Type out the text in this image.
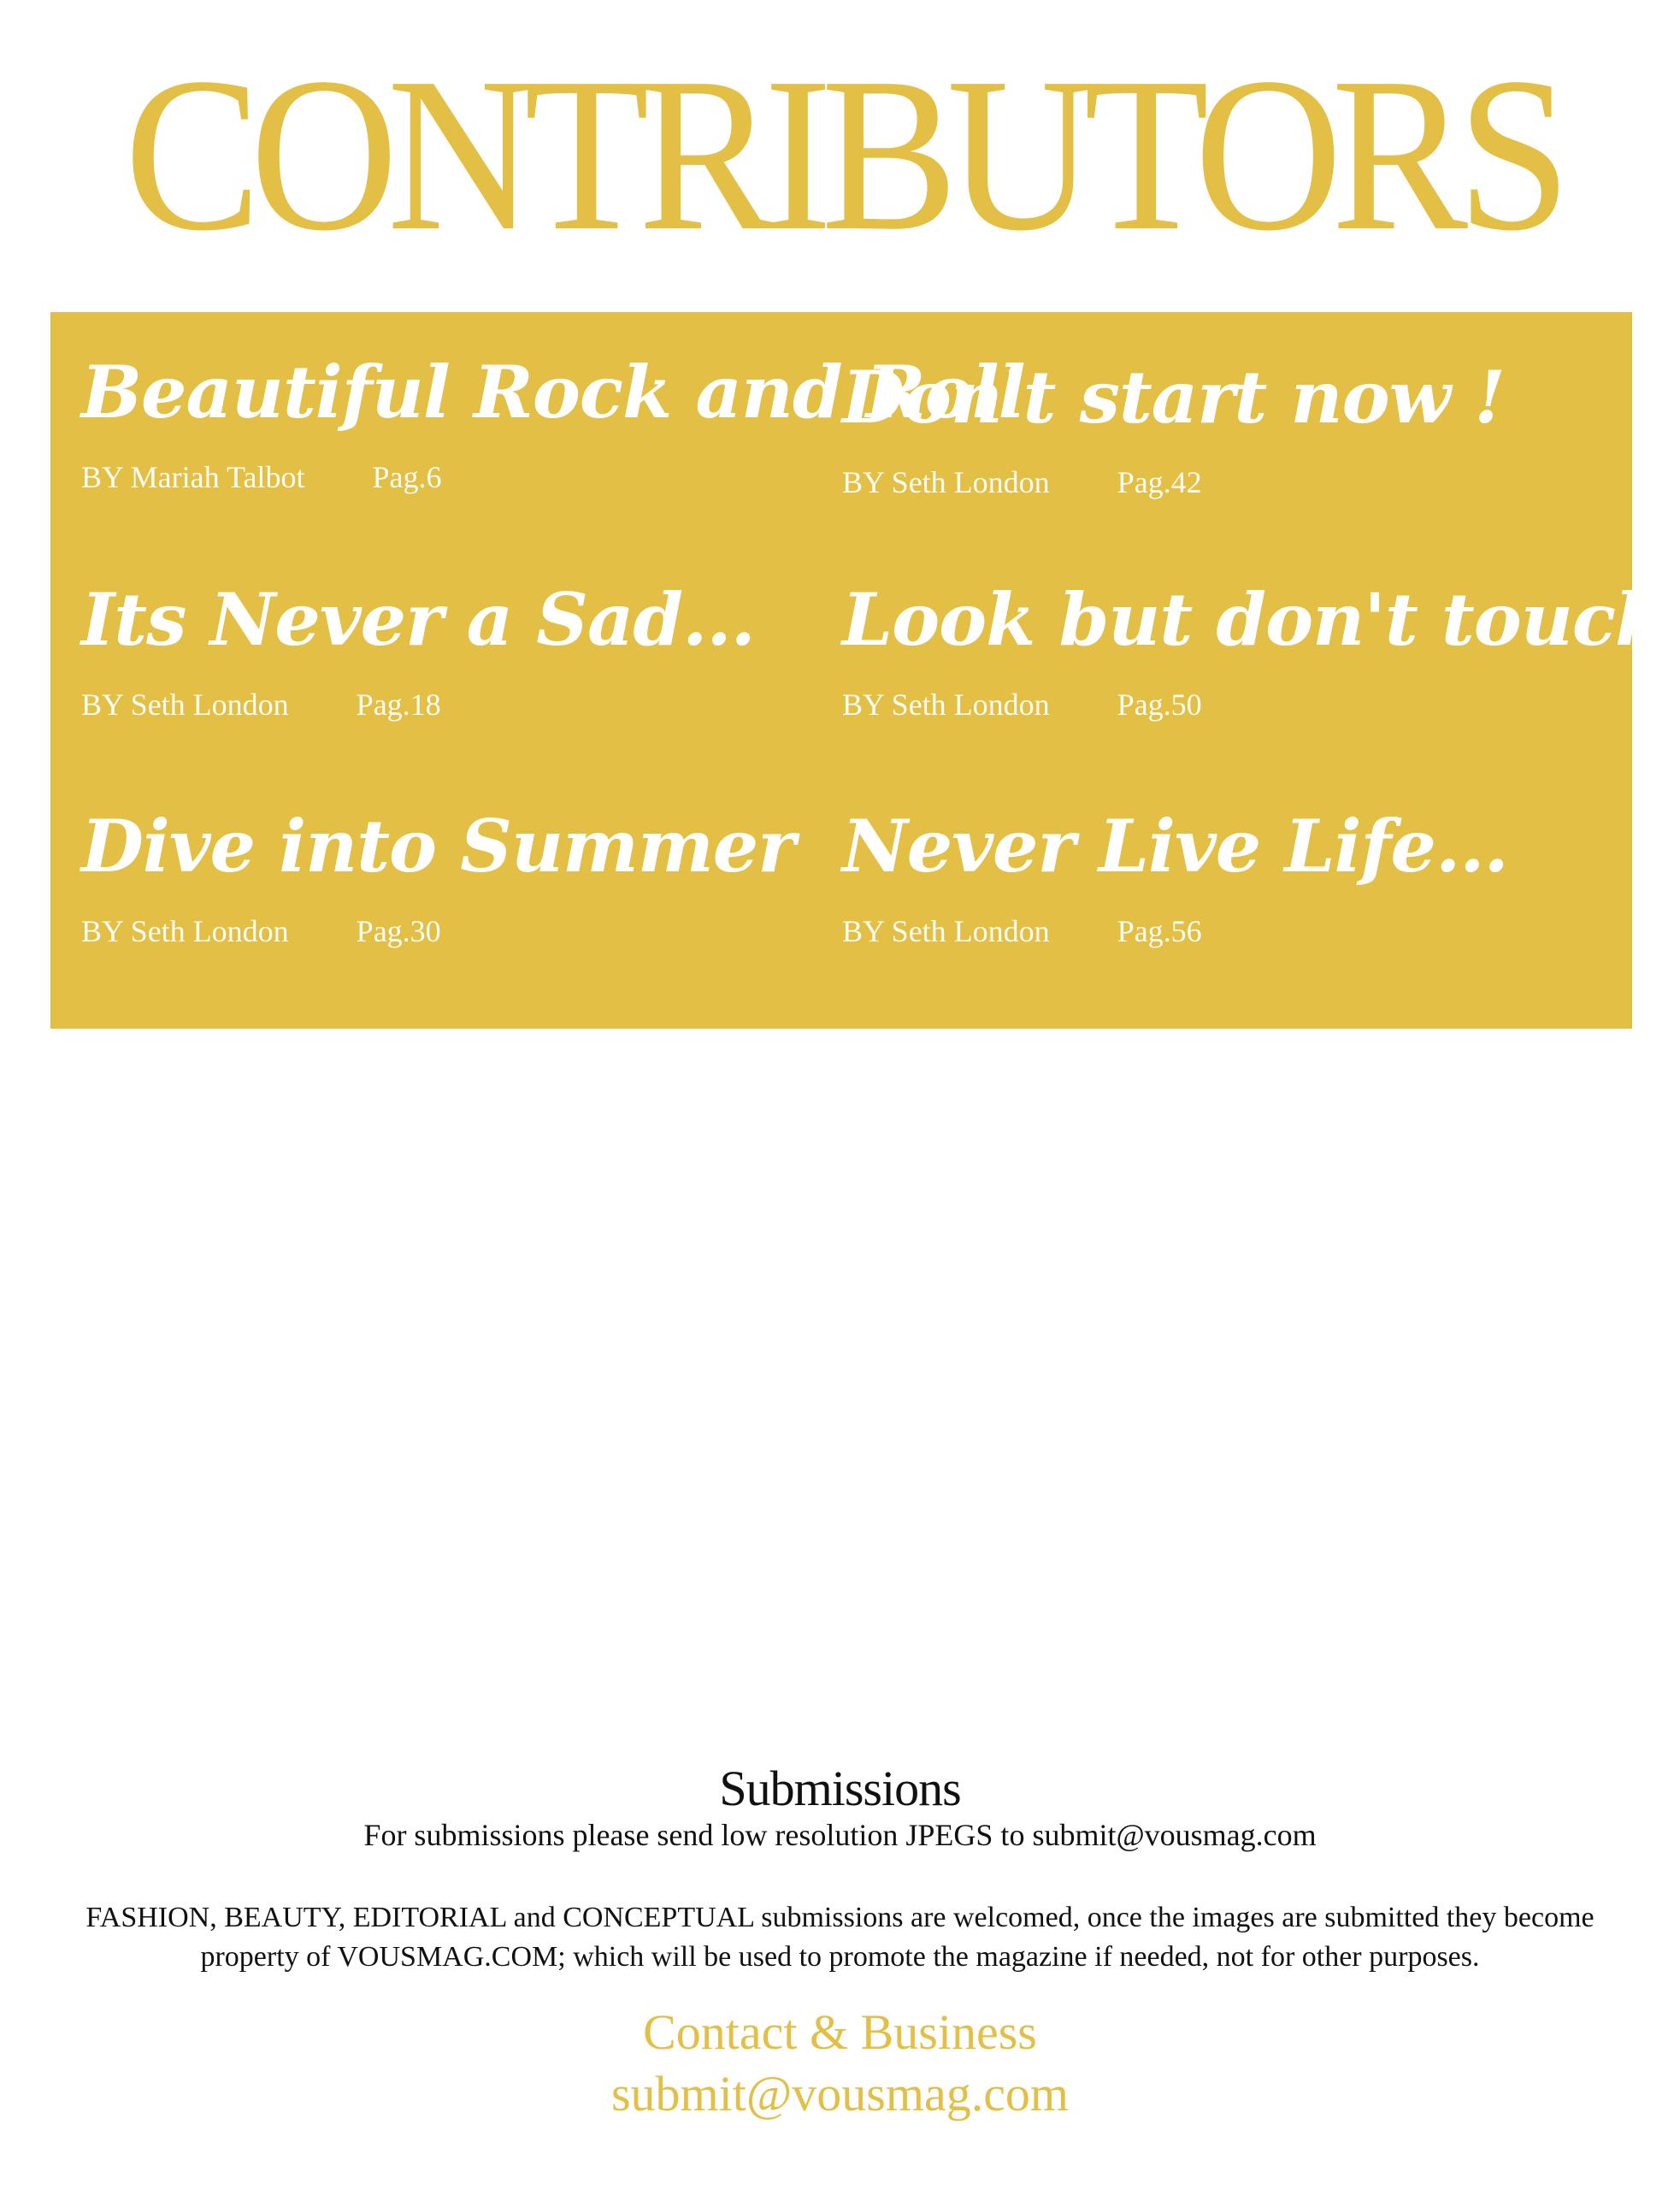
CONTRIBUTORS
Beautiful Rock and Roll
BY Mariah Talbot Pag.6
Its Never a Sad...
BY Seth London Pag.18
Dive into Summer
BY Seth London Pag.30
Don't start now !
BY Seth London Pag.42
Look but don't touch
BY Seth London Pag.50
Never Live Life...
BY Seth London Pag.56
Submissions

For submissions please send low resolution JPEGS to submit@vousmag.com

FASHION, BEAUTY, EDITORIAL and CONCEPTUAL submissions are welcomed, once the images are submitted they become property of VOUSMAG.COM; which will be used to promote the magazine if needed, not for other purposes.

Contact & Business

submit@vousmag.com
